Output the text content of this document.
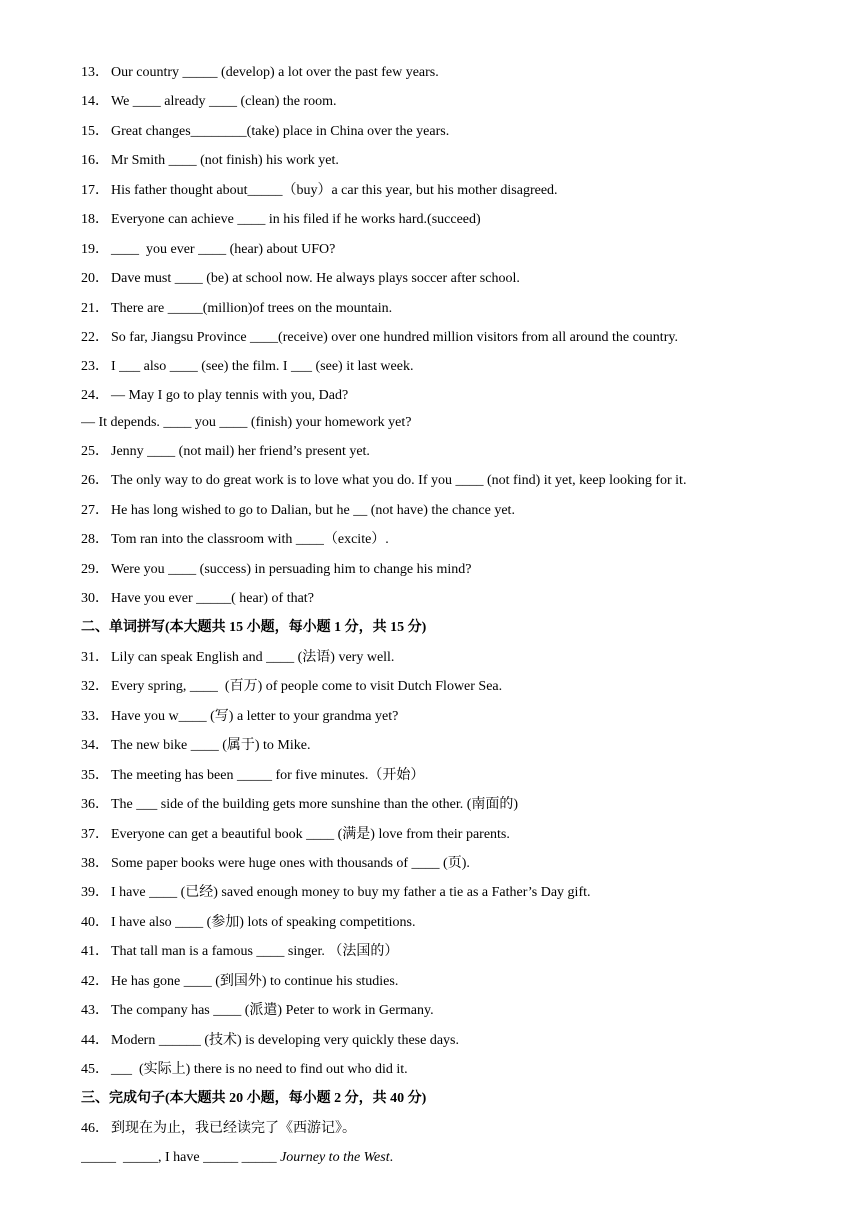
13． Our country _____ (develop) a lot over the past few years.
14． We ____ already ____ (clean) the room.
15． Great changes________(take) place in China over the years.
16． Mr Smith ____ (not finish) his work yet.
17． His father thought about_____（buy）a car this year, but his mother disagreed.
18． Everyone can achieve ____ in his filed if he works hard.(succeed)
19． ____  you ever ____ (hear) about UFO?
20． Dave must ____ (be) at school now. He always plays soccer after school.
21． There are _____(million)of trees on the mountain.
22． So far, Jiangsu Province ____(receive) over one hundred million visitors from all around the country.
23． I ___ also ____ (see) the film. I ___ (see) it last week.
24． — May I go to play tennis with you, Dad?
— It depends. ____ you ____ (finish) your homework yet?
25． Jenny ____ (not mail) her friend’s present yet.
26． The only way to do great work is to love what you do. If you ____ (not find) it yet, keep looking for it.
27． He has long wished to go to Dalian, but he __ (not have) the chance yet.
28． Tom ran into the classroom with ____（excite）.
29． Were you ____ (success) in persuading him to change his mind?
30． Have you ever _____( hear) of that?
二、单词拼写(本大题共 15 小题，每小题 1 分，共 15 分)
31． Lily can speak English and ____ (法语) very well.
32． Every spring, ____  (百万) of people come to visit Dutch Flower Sea.
33． Have you w____ (写) a letter to your grandma yet?
34． The new bike ____ (属于) to Mike.
35． The meeting has been _____ for five minutes.（开始）
36． The ___ side of the building gets more sunshine than the other. (南面的)
37． Everyone can get a beautiful book ____ (满是) love from their parents.
38． Some paper books were huge ones with thousands of ____ (页).
39． I have ____ (已经) saved enough money to buy my father a tie as a Father’s Day gift.
40． I have also ____ (参加) lots of speaking competitions.
41． That tall man is a famous ____ singer. （法国的）
42． He has gone ____ (到国外) to continue his studies.
43． The company has ____ (派遣) Peter to work in Germany.
44． Modern ______ (技术) is developing very quickly these days.
45． ___  (实际上) there is no need to find out who did it.
三、完成句子(本大题共 20 小题，每小题 2 分，共 40 分)
46． 到现在为止，我已经读完了《西游记》。
_____  _____, I have _____ _____ Journey to the West.
